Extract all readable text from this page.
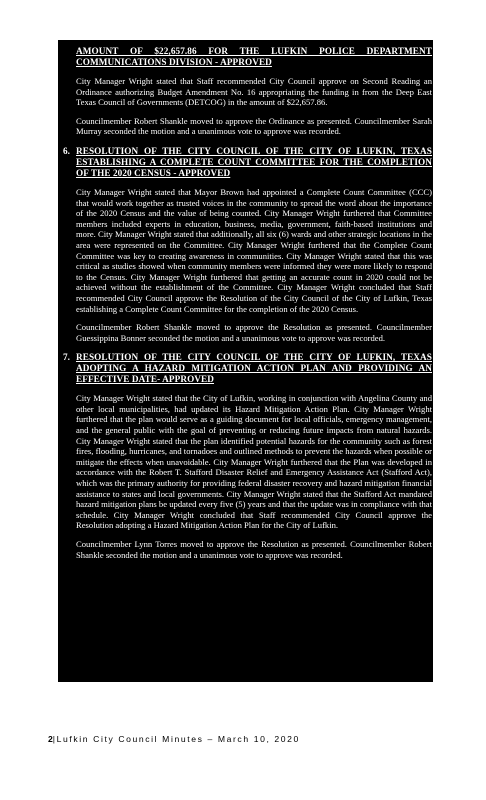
AMOUNT OF $22,657.86 FOR THE LUFKIN POLICE DEPARTMENT COMMUNICATIONS DIVISION - APPROVED

City Manager Wright stated that Staff recommended City Council approve on Second Reading an Ordinance authorizing Budget Amendment No. 16 appropriating the funding in from the Deep East Texas Council of Governments (DETCOG) in the amount of $22,657.86.

Councilmember Robert Shankle moved to approve the Ordinance as presented. Councilmember Sarah Murray seconded the motion and a unanimous vote to approve was recorded.

6. RESOLUTION OF THE CITY COUNCIL OF THE CITY OF LUFKIN, TEXAS ESTABLISHING A COMPLETE COUNT COMMITTEE FOR THE COMPLETION OF THE 2020 CENSUS - APPROVED

City Manager Wright stated that Mayor Brown had appointed a Complete Count Committee (CCC) that would work together as trusted voices in the community to spread the word about the importance of the 2020 Census and the value of being counted. City Manager Wright furthered that Committee members included experts in education, business, media, government, faith-based institutions and more. City Manager Wright stated that additionally, all six (6) wards and other strategic locations in the area were represented on the Committee. City Manager Wright furthered that the Complete Count Committee was key to creating awareness in communities. City Manager Wright stated that this was critical as studies showed when community members were informed they were more likely to respond to the Census. City Manager Wright furthered that getting an accurate count in 2020 could not be achieved without the establishment of the Committee. City Manager Wright concluded that Staff recommended City Council approve the Resolution of the City Council of the City of Lufkin, Texas establishing a Complete Count Committee for the completion of the 2020 Census.

Councilmember Robert Shankle moved to approve the Resolution as presented. Councilmember Guessippina Bonner seconded the motion and a unanimous vote to approve was recorded.

7. RESOLUTION OF THE CITY COUNCIL OF THE CITY OF LUFKIN, TEXAS ADOPTING A HAZARD MITIGATION ACTION PLAN AND PROVIDING AN EFFECTIVE DATE- APPROVED

City Manager Wright stated that the City of Lufkin, working in conjunction with Angelina County and other local municipalities, had updated its Hazard Mitigation Action Plan. City Manager Wright furthered that the plan would serve as a guiding document for local officials, emergency management, and the general public with the goal of preventing or reducing future impacts from natural hazards. City Manager Wright stated that the plan identified potential hazards for the community such as forest fires, flooding, hurricanes, and tornadoes and outlined methods to prevent the hazards when possible or mitigate the effects when unavoidable. City Manager Wright furthered that the Plan was developed in accordance with the Robert T. Stafford Disaster Relief and Emergency Assistance Act (Stafford Act), which was the primary authority for providing federal disaster recovery and hazard mitigation financial assistance to states and local governments. City Manager Wright stated that the Stafford Act mandated hazard mitigation plans be updated every five (5) years and that the update was in compliance with that schedule. City Manager Wright concluded that Staff recommended City Council approve the Resolution adopting a Hazard Mitigation Action Plan for the City of Lufkin.

Councilmember Lynn Torres moved to approve the Resolution as presented. Councilmember Robert Shankle seconded the motion and a unanimous vote to approve was recorded.

2|Lufkin City Council Minutes – March 10, 2020
